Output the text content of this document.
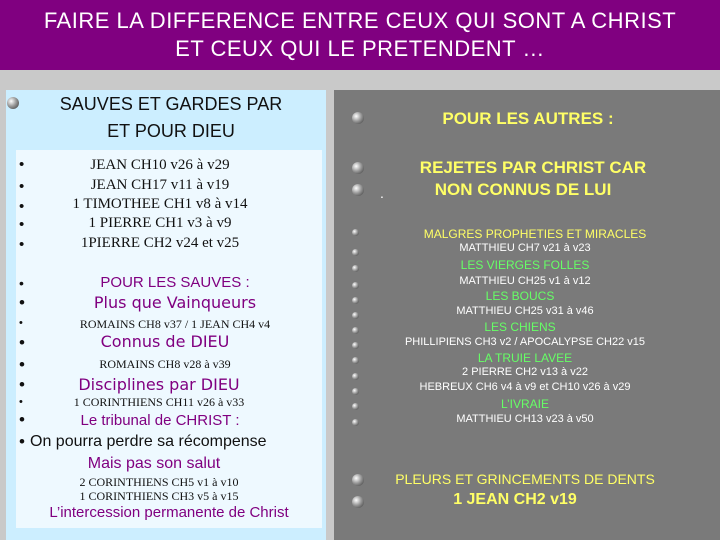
FAIRE LA DIFFERENCE ENTRE CEUX QUI SONT A CHRIST
ET CEUX QUI LE PRETENDENT …
SAUVES ET GARDES PAR
ET POUR DIEU
•
•
•
•
•
JEAN CH10 v26 à v29
JEAN CH17 v11 à v19
1 TIMOTHEE CH1 v8 à v14
1 PIERRE CH1 v3 à v9
1PIERRE CH2 v24 et v25
•	POUR LES SAUVES :
•	Plus que Vainqueurs
•	ROMAINS CH8 v37 / 1 JEAN CH4 v4
•	Connus de DIEU
•	ROMAINS CH8 v28 à v39
•	Disciplines par DIEU
•	1 CORINTHIENS CH11 v26 à v33
•	Le tribunal de CHRIST :
• On pourra perdre sa récompense
Mais pas son salut
2 CORINTHIENS CH5 v1 à v10
1 CORINTHIENS CH3 v5 à v15
L’intercession permanente de Christ
POUR LES AUTRES :
.
REJETES PAR CHRIST CAR
NON CONNUS DE LUI
MALGRES PROPHETIES ET MIRACLES
MATTHIEU CH7 v21 à v23
LES VIERGES FOLLES
MATTHIEU CH25 v1 à v12
LES BOUCS
MATTHIEU CH25 v31 à v46
LES CHIENS
PHILLIPIENS CH3 v2 / APOCALYPSE CH22 v15
LA TRUIE LAVEE
2 PIERRE CH2 v13 à v22
HEBREUX CH6 v4 à v9 et CH10 v26 à v29
L’IVRAIE
MATTHIEU CH13 v23 à v50
PLEURS ET GRINCEMENTS DE DENTS
1 JEAN CH2 v19
